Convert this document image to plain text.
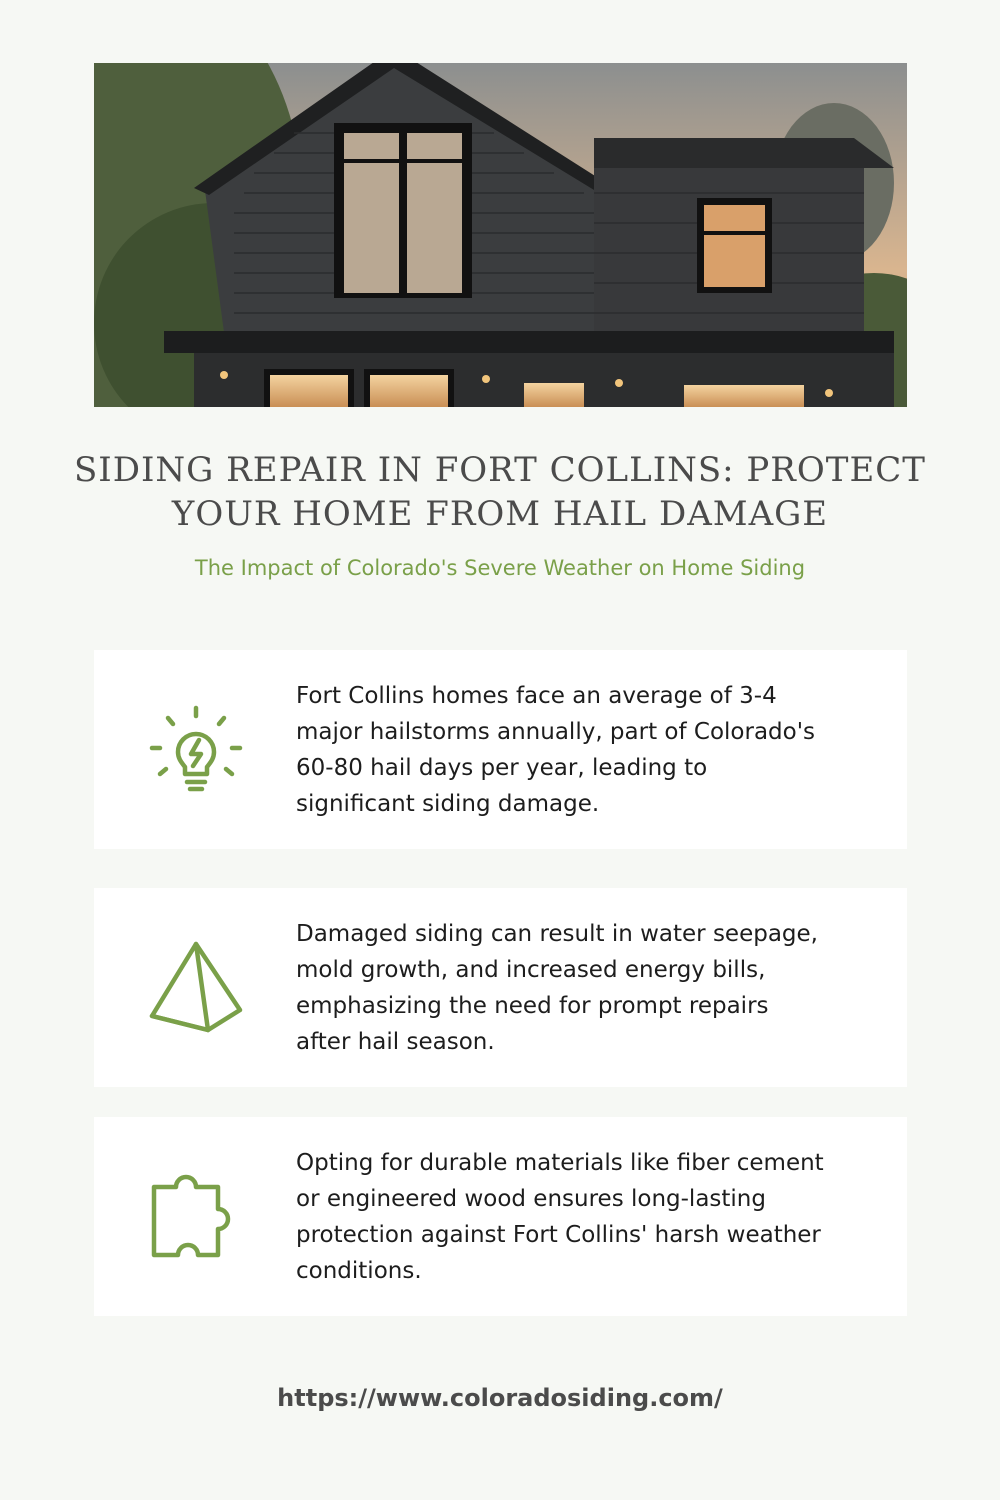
SIDING REPAIR IN FORT COLLINS: PROTECT YOUR HOME FROM HAIL DAMAGE

The Impact of Colorado's Severe Weather on Home Siding

Fort Collins homes face an average of 3-4 major hailstorms annually, part of Colorado's 60-80 hail days per year, leading to significant siding damage.
Damaged siding can result in water seepage, mold growth, and increased energy bills, emphasizing the need for prompt repairs after hail season.
Opting for durable materials like fiber cement or engineered wood ensures long-lasting protection against Fort Collins' harsh weather conditions.

https://www.coloradosiding.com/
